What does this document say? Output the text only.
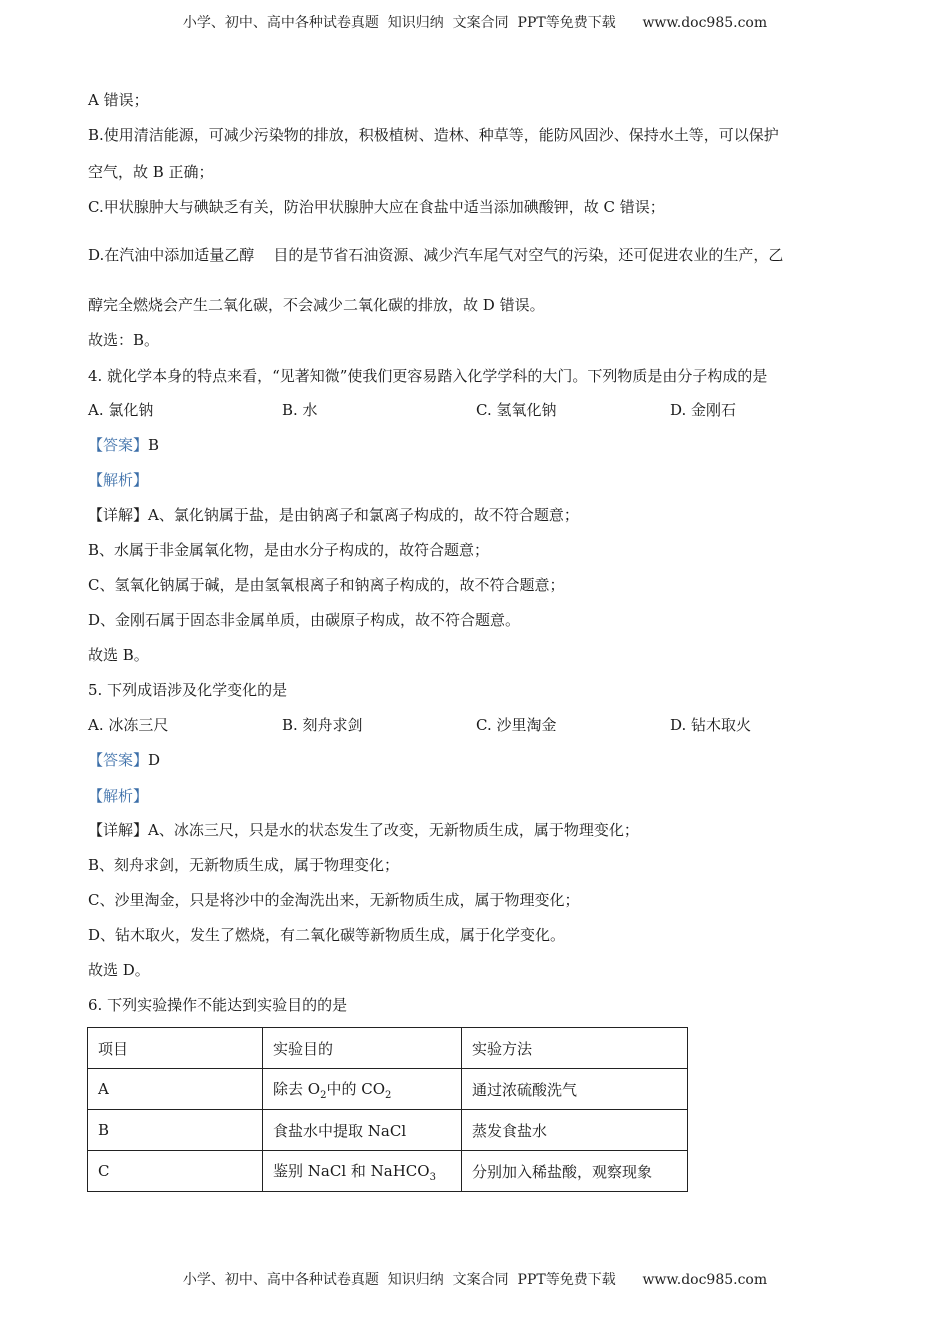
小学、初中、高中各种试卷真题  知识归纳  文案合同  PPT等免费下载 www.doc985.com
A 错误；
B.使用清洁能源，可减少污染物的排放，积极植树、造林、种草等，能防风固沙、保持水土等，可以保护
空气，故 B 正确；
C.甲状腺肿大与碘缺乏有关，防治甲状腺肿大应在食盐中适当添加碘酸钾，故 C 错误；
D.在汽油中添加适量乙醇    目的是节省石油资源、减少汽车尾气对空气的污染，还可促进农业的生产，乙
醇完全燃烧会产生二氧化碳，不会减少二氧化碳的排放，故 D 错误。
故选：B。
4. 就化学本身的特点来看，“见著知微”使我们更容易踏入化学学科的大门。下列物质是由分子构成的是
A. 氯化钠	B. 水	C. 氢氧化钠	D. 金刚石
【答案】B
【解析】
【详解】A、氯化钠属于盐，是由钠离子和氯离子构成的，故不符合题意；
B、水属于非金属氧化物，是由水分子构成的，故符合题意；
C、氢氧化钠属于碱，是由氢氧根离子和钠离子构成的，故不符合题意；
D、金刚石属于固态非金属单质，由碳原子构成，故不符合题意。
故选 B。
5. 下列成语涉及化学变化的是
A. 冰冻三尺	B. 刻舟求剑	C. 沙里淘金	D. 钻木取火
【答案】D
【解析】
【详解】A、冰冻三尺，只是水的状态发生了改变，无新物质生成，属于物理变化；
B、刻舟求剑，无新物质生成，属于物理变化；
C、沙里淘金，只是将沙中的金淘洗出来，无新物质生成，属于物理变化；
D、钻木取火，发生了燃烧，有二氧化碳等新物质生成，属于化学变化。
故选 D。
6. 下列实验操作不能达到实验目的的是
项目	实验目的	实验方法
A	除去 $O_2$中的 $CO_2$	通过浓硫酸洗气
B	食盐水中提取 NaCl	蒸发食盐水
C	鉴别 NaCl 和 NaHCO$_3$	分别加入稀盐酸，观察现象
小学、初中、高中各种试卷真题  知识归纳  文案合同  PPT等免费下载 www.doc985.com
